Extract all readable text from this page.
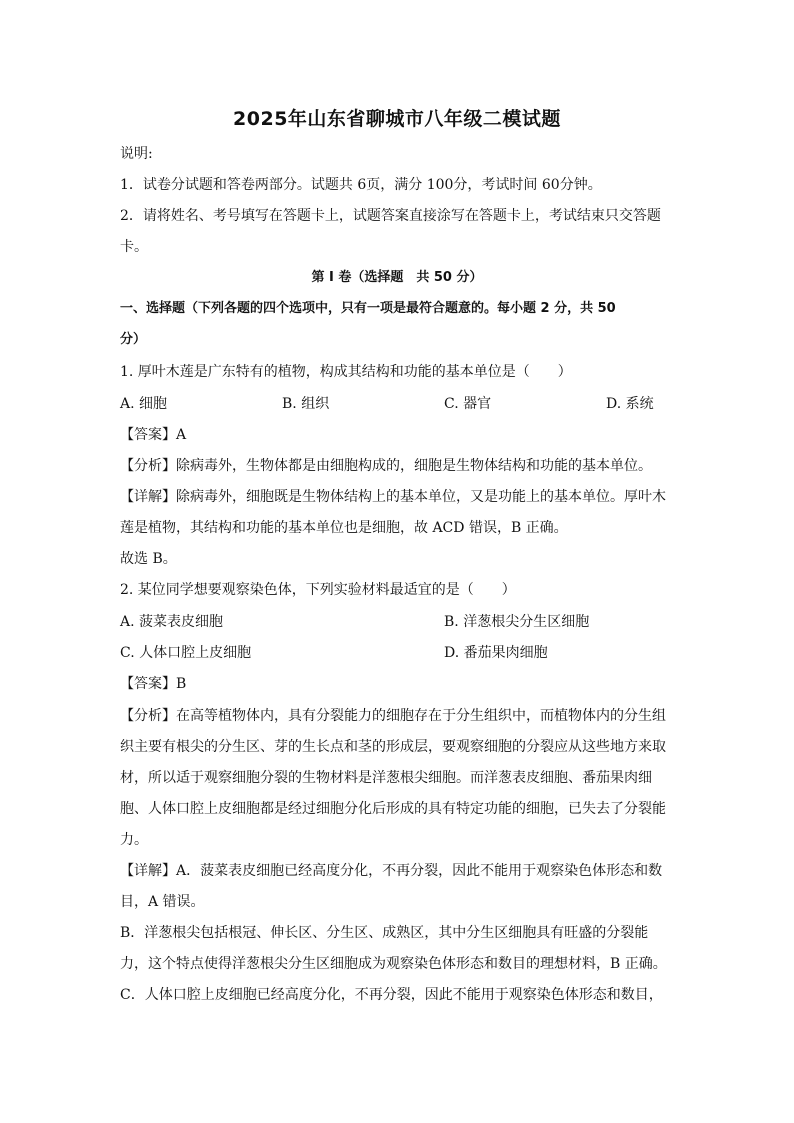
2025年山东省聊城市八年级二模试题
说明:
1．试卷分试题和答卷两部分。试题共 6页，满分 100分，考试时间 60分钟。
2．请将姓名、考号填写在答题卡上，试题答案直接涂写在答题卡上，考试结束只交答题
卡。
第 I 卷（选择题　共 50 分）
一、选择题（下列各题的四个选项中，只有一项是最符合题意的。每小题 2 分，共 50
分）
1. 厚叶木莲是广东特有的植物，构成其结构和功能的基本单位是（　　）
A. 细胞	B. 组织	C. 器官	D. 系统
【答案】A
【分析】除病毒外，生物体都是由细胞构成的，细胞是生物体结构和功能的基本单位。
【详解】除病毒外，细胞既是生物体结构上的基本单位，又是功能上的基本单位。厚叶木
莲是植物，其结构和功能的基本单位也是细胞，故 ACD 错误，B 正确。
故选 B。
2. 某位同学想要观察染色体，下列实验材料最适宜的是（　　）
A. 菠菜表皮细胞	B. 洋葱根尖分生区细胞
C. 人体口腔上皮细胞	D. 番茄果肉细胞
【答案】B
【分析】在高等植物体内，具有分裂能力的细胞存在于分生组织中，而植物体内的分生组
织主要有根尖的分生区、芽的生长点和茎的形成层，要观察细胞的分裂应从这些地方来取
材，所以适于观察细胞分裂的生物材料是洋葱根尖细胞。而洋葱表皮细胞、番茄果肉细
胞、人体口腔上皮细胞都是经过细胞分化后形成的具有特定功能的细胞，已失去了分裂能
力。
【详解】A．菠菜表皮细胞已经高度分化，不再分裂，因此不能用于观察染色体形态和数
目，A 错误。
B．洋葱根尖包括根冠、伸长区、分生区、成熟区，其中分生区细胞具有旺盛的分裂能
力，这个特点使得洋葱根尖分生区细胞成为观察染色体形态和数目的理想材料，B 正确。
C．人体口腔上皮细胞已经高度分化，不再分裂，因此不能用于观察染色体形态和数目，
